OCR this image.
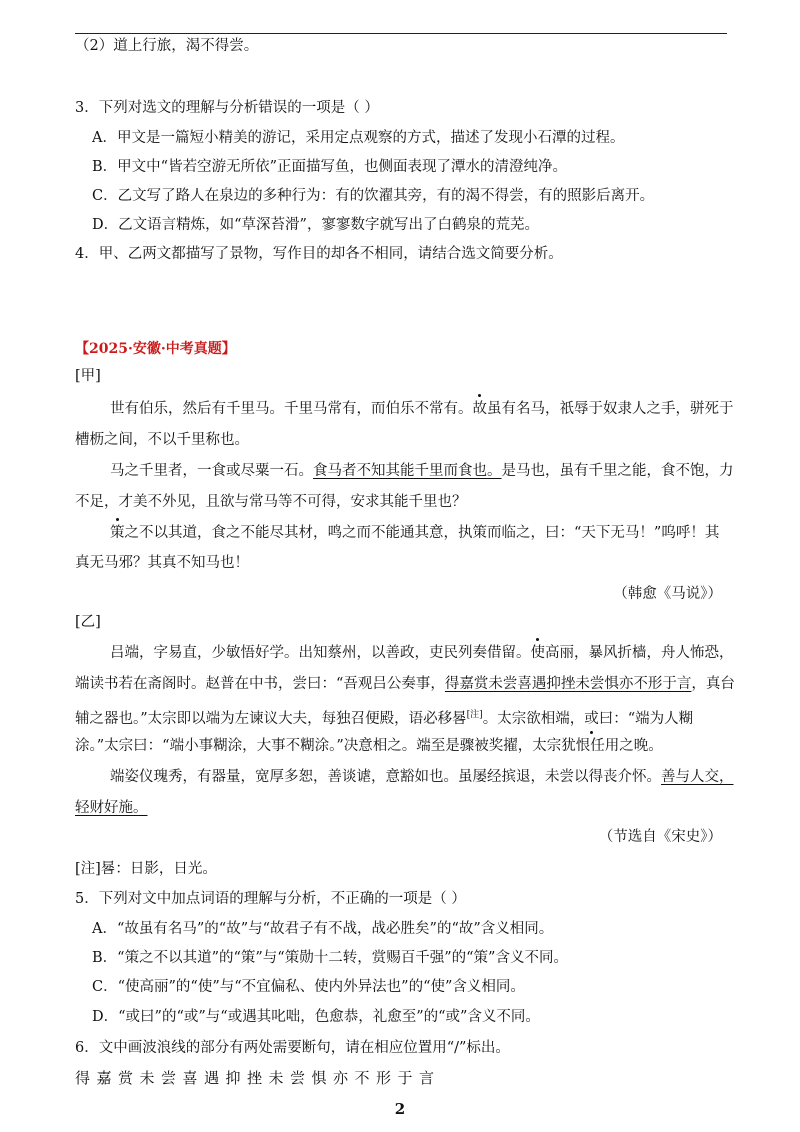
（2）道上行旅，渴不得尝。
3．下列对选文的理解与分析错误的一项是（ ）
A．甲文是一篇短小精美的游记，采用定点观察的方式，描述了发现小石潭的过程。
B．甲文中“皆若空游无所依”正面描写鱼，也侧面表现了潭水的清澄纯净。
C．乙文写了路人在泉边的多种行为：有的饮濯其旁，有的渴不得尝，有的照影后离开。
D．乙文语言精炼，如“草深苔滑”，寥寥数字就写出了白鹤泉的荒芜。
4．甲、乙两文都描写了景物，写作目的却各不相同，请结合选文简要分析。
【2025·安徽·中考真题】
[甲]
世有伯乐，然后有千里马。千里马常有，而伯乐不常有。故虽有名马，祇辱于奴隶人之手，骈死于
槽枥之间，不以千里称也。
马之千里者，一食或尽粟一石。食马者不知其能千里而食也。是马也，虽有千里之能，食不饱，力
不足，才美不外见，且欲与常马等不可得，安求其能千里也？
策之不以其道，食之不能尽其材，鸣之而不能通其意，执策而临之，曰：“天下无马！”呜呼！其
真无马邪？其真不知马也！
（韩愈《马说》）
[乙]
吕端，字易直，少敏悟好学。出知蔡州，以善政，吏民列奏借留。使高丽，暴风折樯，舟人怖恐，
端读书若在斋阁时。赵普在中书，尝曰：“吾观吕公奏事，得嘉赏未尝喜遇抑挫未尝惧亦不形于言，真台
辅之器也。”太宗即以端为左谏议大夫，每独召便殿，语必移晷[注]。太宗欲相端，或曰：“端为人糊
涂。”太宗曰：“端小事糊涂，大事不糊涂。”决意相之。端至是骤被奖擢，太宗犹恨任用之晚。
端姿仪瑰秀，有器量，宽厚多恕，善谈谑，意豁如也。虽屡经摈退，未尝以得丧介怀。善与人交，
轻财好施。
（节选自《宋史》）
[注]晷：日影，日光。
5．下列对文中加点词语的理解与分析，不正确的一项是（ ）
A．“故虽有名马”的“故”与“故君子有不战，战必胜矣”的“故”含义相同。
B．“策之不以其道”的“策”与“策勋十二转，赏赐百千强”的“策”含义不同。
C．“使高丽”的“使”与“不宜偏私、使内外异法也”的“使”含义相同。
D．“或曰”的“或”与“或遇其叱咄，色愈恭，礼愈至”的“或”含义不同。
6．文中画波浪线的部分有两处需要断句，请在相应位置用“/”标出。
得嘉赏未尝喜遇抑挫未尝惧亦不形于言
2
